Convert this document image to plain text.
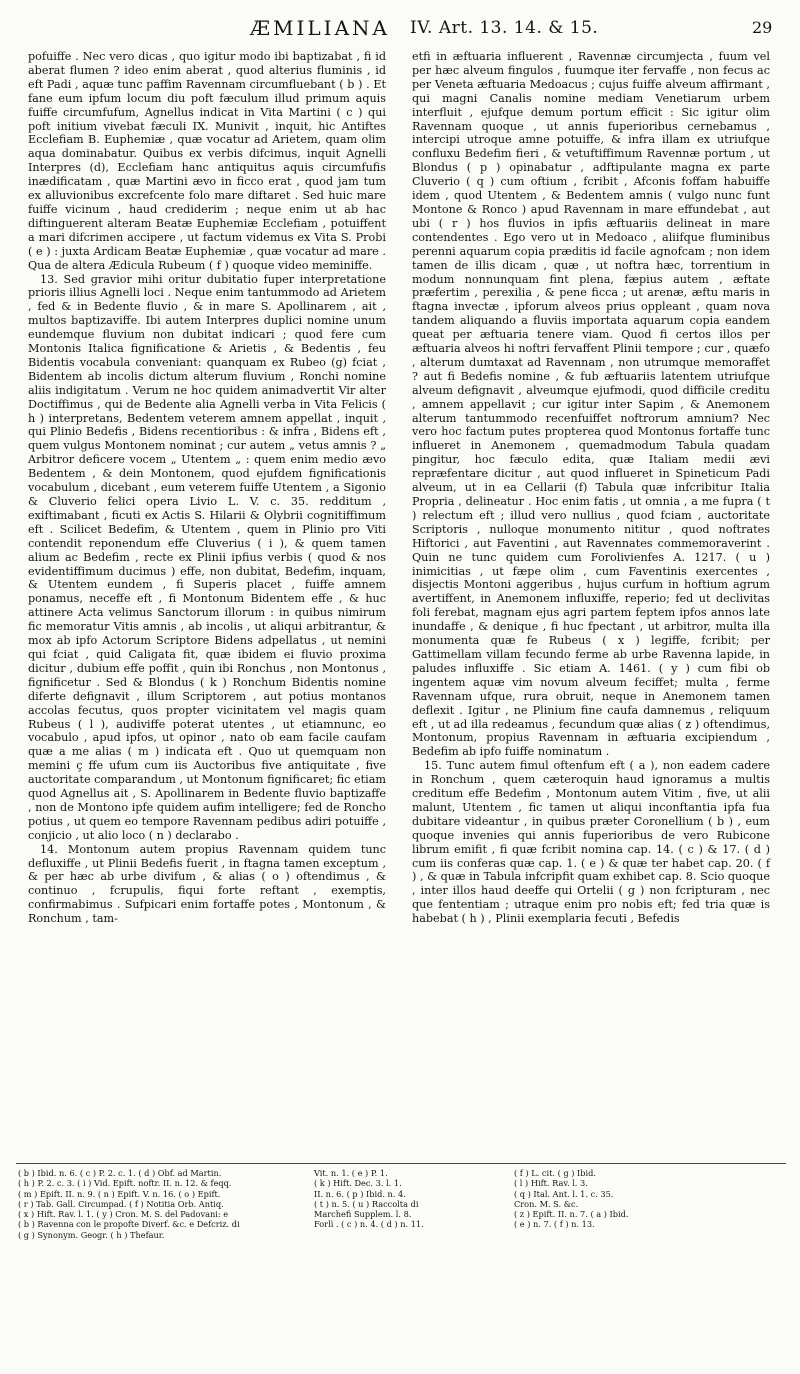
ÆMILIANA IV. Art. 13. 14. & 15.	29

pofuiffe . Nec vero dicas , quo igitur modo ibi baptizabat , fi id aberat flumen ? ideo enim aberat , quod alterius fluminis , id eft Padi , aquæ tunc paffim Ravennam circumfluebant ( b ) . Et fane eum ipfum locum diu poft fæculum illud primum aquis fuiffe circumfufum, Agnellus indicat in Vita Martini ( c ) qui poft initium vivebat fæculi IX. Munivit , inquit, hic Antiftes Ecclefiam B. Euphemiæ , quæ vocatur ad Arietem, quam olim aqua dominabatur. Quibus ex verbis difcimus, inquit Agnelli Interpres (d), Ecclefiam hanc antiquitus aquis circumfufis inædificatam , quæ Martini ævo in ficco erat , quod jam tum ex alluvionibus excrefcente folo mare diftaret . Sed huic mare fuiffe vicinum , haud crediderim ; neque enim ut ab hac diftinguerent alteram Beatæ Euphemiæ Ecclefiam , potuiffent a mari difcrimen accipere , ut factum videmus ex Vita S. Probi ( e ) : juxta Ardicam Beatæ Euphemiæ , quæ vocatur ad mare . Qua de altera Ædicula Rubeum ( f ) quoque video meminiffe.

13. Sed gravior mihi oritur dubitatio fuper interpretatione prioris illius Agnelli loci . Neque enim tantummodo ad Arietem , fed & in Bedente fluvio , & in mare S. Apollinarem , ait , multos baptizaviffe. Ibi autem Interpres duplici nomine unum eundemque fluvium non dubitat indicari ; quod fere cum Montonis Italica fignificatione & Arietis , & Bedentis , feu Bidentis vocabula conveniant: quanquam ex Rubeo (g) fciat , Bidentem ab incolis dictum alterum fluvium , Ronchi nomine aliis indigitatum . Verum ne hoc quidem animadvertit Vir alter Doctiffimus , qui de Bedente alia Agnelli verba in Vita Felicis ( h ) interpretans, Bedentem veterem amnem appellat , inquit , qui Plinio Bedefis , Bidens recentioribus : & infra , Bidens eft , quem vulgus Montonem nominat ; cur autem „ vetus amnis ? „ Arbitror deficere vocem „ Utentem „ : quem enim medio ævo Bedentem , & dein Montonem, quod ejufdem fignificationis vocabulum , dicebant , eum veterem fuiffe Utentem , a Sigonio & Cluverio felici opera Livio L. V. c. 35. redditum , exiftimabant , ficuti ex Actis S. Hilarii & Olybrii cognitiffimum eft . Scilicet Bedefim, & Utentem , quem in Plinio pro Viti contendit reponendum effe Cluverius ( i ), & quem tamen alium ac Bedefim , recte ex Plinii ipfius verbis ( quod & nos evidentiffimum ducimus ) effe, non dubitat, Bedefim, inquam, & Utentem eundem , fi Superis placet , fuiffe amnem ponamus, neceffe eft , fi Montonum Bidentem effe , & huc attinere Acta velimus Sanctorum illorum : in quibus nimirum fic memoratur Vitis amnis , ab incolis , ut aliqui arbitrantur, & mox ab ipfo Actorum Scriptore Bidens adpellatus , ut nemini qui fciat , quid Caligata fit, quæ ibidem ei fluvio proxima dicitur , dubium effe poffit , quin ibi Ronchus , non Montonus , fignificetur . Sed & Blondus ( k ) Ronchum Bidentis nomine diferte defignavit , illum Scriptorem , aut potius montanos accolas fecutus, quos propter vicinitatem vel magis quam Rubeus ( l ), audiviffe poterat utentes , ut etiamnunc, eo vocabulo , apud ipfos, ut opinor , nato ob eam facile caufam quæ a me alias ( m ) indicata eft . Quo ut quemquam non memini ç ffe ufum cum iis Auctoribus five antiquitate , five auctoritate comparandum , ut Montonum fignificaret; fic etiam quod Agnellus ait , S. Apollinarem in Bedente fluvio baptizaffe , non de Montono ipfe quidem aufim intelligere; fed de Roncho potius , ut quem eo tempore Ravennam pedibus adiri potuiffe , conjicio , ut alio loco ( n ) declarabo .

14. Montonum autem propius Ravennam quidem tunc defluxiffe , ut Plinii Bedefis fuerit , in ftagna tamen exceptum , & per hæc ab urbe divifum , & alias ( o ) oftendimus , & continuo , fcrupulis, fiqui forte reftant , exemptis, confirmabimus . Sufpicari enim fortaffe potes , Montonum , & Ronchum , tam-

etfi in æftuaria influerent , Ravennæ circumjecta , fuum vel per hæc alveum fingulos , fuumque iter fervaffe , non fecus ac per Veneta æftuaria Medoacus ; cujus fuiffe alveum affirmant , qui magni Canalis nomine mediam Venetiarum urbem interfluit , ejufque demum portum efficit : Sic igitur olim Ravennam quoque , ut annis fuperioribus cernebamus , intercipi utroque amne potuiffe, & infra illam ex utriufque confluxu Bedefim fieri , & vetuftiffimum Ravennæ portum , ut Blondus ( p ) opinabatur , adftipulante magna ex parte Cluverio ( q ) cum oftium , fcribit , Afconis foffam habuiffe idem , quod Utentem , & Bedentem amnis ( vulgo nunc funt Montone & Ronco ) apud Ravennam in mare effundebat , aut ubi ( r ) hos fluvios in ipfis æftuariis delineat in mare contendentes . Ego vero ut in Medoaco , aliifque fluminibus perenni aquarum copia præditis id facile agnofcam ; non idem tamen de illis dicam , quæ , ut noftra hæc, torrentium in modum nonnunquam fint plena, fæpius autem , æftate præfertim , perexilia , & pene ficca ; ut arenæ, æftu maris in ftagna invectæ , ipforum alveos prius oppleant , quam nova tandem aliquando a fluviis importata aquarum copia eandem queat per æftuaria tenere viam. Quod fi certos illos per æftuaria alveos hi noftri fervaffent Plinii tempore ; cur , quæfo , alterum dumtaxat ad Ravennam , non utrumque memoraffet ? aut fi Bedefis nomine , & fub æftuariis latentem utriufque alveum defignavit , alveumque ejufmodi, quod difficile creditu , amnem appellavit ; cur igitur inter Sapim , & Anemonem alterum tantummodo recenfuiffet noftrorum amnium? Nec vero hoc factum putes propterea quod Montonus fortaffe tunc influeret in Anemonem , quemadmodum Tabula quadam pingitur, hoc fæculo edita, quæ Italiam medii ævi repræfentare dicitur , aut quod influeret in Spineticum Padi alveum, ut in ea Cellarii (f) Tabula quæ infcribitur Italia Propria , delineatur . Hoc enim fatis , ut omnia , a me fupra ( t ) relectum eft ; illud vero nullius , quod fciam , auctoritate Scriptoris , nulloque monumento nititur , quod noftrates Hiftorici , aut Faventini , aut Ravennates commemoraverint . Quin ne tunc quidem cum Forolivienfes A. 1217. ( u ) inimicitias , ut fæpe olim , cum Faventinis exercentes , disjectis Montoni aggeribus , hujus curfum in hoftium agrum avertiffent, in Anemonem influxiffe, reperio; fed ut declivitas foli ferebat, magnam ejus agri partem feptem ipfos annos late inundaffe , & denique , fi huc fpectant , ut arbitror, multa illa monumenta quæ fe Rubeus ( x ) legiffe, fcribit; per Gattimellam villam fecundo ferme ab urbe Ravenna lapide, in paludes influxiffe . Sic etiam A. 1461. ( y ) cum fibi ob ingentem aquæ vim novum alveum feciffet; multa , ferme Ravennam ufque, rura obruit, neque in Anemonem tamen deflexit . Igitur , ne Plinium fine caufa damnemus , reliquum eft , ut ad illa redeamus , fecundum quæ alias ( z ) oftendimus, Montonum, propius Ravennam in æftuaria excipiendum , Bedefim ab ipfo fuiffe nominatum .

15. Tunc autem fimul oftenfum eft ( a ), non eadem cadere in Ronchum , quem cæteroquin haud ignoramus a multis creditum effe Bedefim , Montonum autem Vitim , five, ut alii malunt, Utentem , fic tamen ut aliqui inconftantia ipfa fua dubitare videantur , in quibus præter Coronellium ( b ) , eum quoque invenies qui annis fuperioribus de vero Rubicone librum emifit , fi quæ fcribit nomina cap. 14. ( c ) & 17. ( d ) cum iis conferas quæ cap. 1. ( e ) & quæ ter habet cap. 20. ( f ) , & quæ in Tabula infcripfit quam exhibet cap. 8. Scio quoque , inter illos haud deeffe qui Ortelii ( g ) non fcripturam , nec que fententiam ; utraque enim pro nobis eft; fed tria quæ is habebat ( h ) , Plinii exemplaria fecuti , Befedis

( b ) Ibid. n. 6. ( c ) P. 2. c. 1. ( d ) Obf. ad Martin.	Vit. n. 1. ( e ) P. 1.	( f ) L. cit. ( g ) Ibid.
( h ) P. 2. c. 3. ( i ) Vid. Epift. noftr. II. n. 12. & feqq.	( k ) Hift. Dec. 3. l. 1.	( l ) Hift. Rav. l. 3.
( m ) Epift. II. n. 9. ( n ) Epift. V. n. 16. ( o ) Epift.	II. n. 6. ( p ) Ibid. n. 4.	( q ) Ital. Ant. l. 1. c. 35.
( r ) Tab. Gall. Circumpad. ( f ) Notitia Orb. Antiq.	( t ) n. 5. ( u ) Raccolta di	Cron. M. S. &c.
( x ) Hift. Rav. l. 1. ( y ) Cron. M. S. del Padovani: e	Marchefi Supplem. l. 8.	( z ) Epift. II. n. 7. ( a ) Ibid.
( b ) Ravenna con le propofte Diverf. &c. e Defcriz. di	Forlì . ( c ) n. 4. ( d ) n. 11.	( e ) n. 7. ( f ) n. 13.
( g ) Synonym. Geogr. ( h ) Thefaur.
